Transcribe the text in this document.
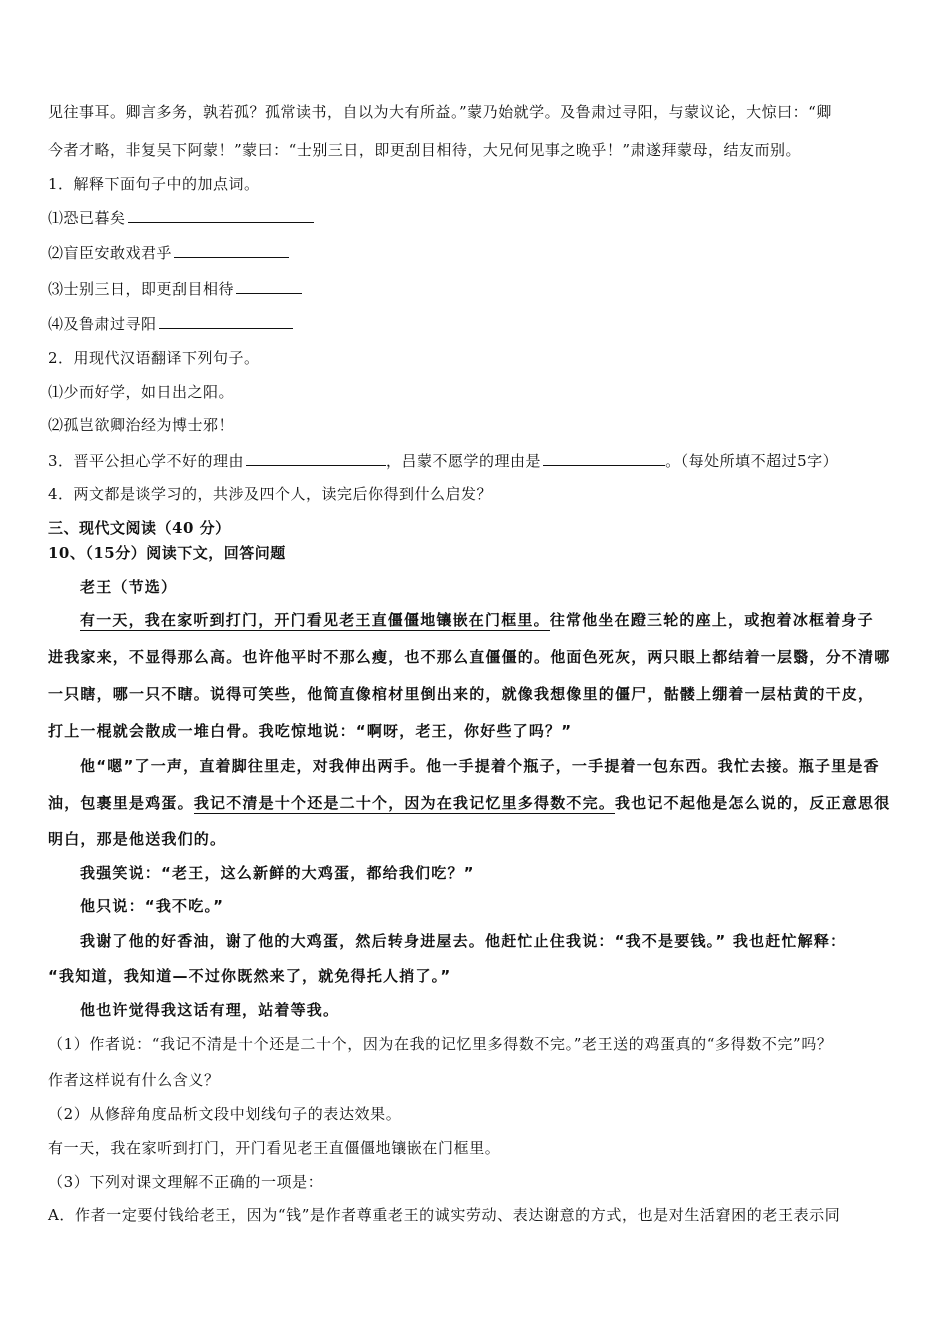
见往事耳。卿言多务，孰若孤？孤常读书，自以为大有所益。”蒙乃始就学。及鲁肃过寻阳，与蒙议论，大惊曰：“卿
今者才略，非复吴下阿蒙！”蒙曰：“士别三日，即更刮目相待，大兄何见事之晚乎！”肃遂拜蒙母，结友而别。
1．解释下面句子中的加点词。
⑴恐已暮矣
⑵盲臣安敢戏君乎
⑶士别三日，即更刮目相待
⑷及鲁肃过寻阳
2．用现代汉语翻译下列句子。
⑴少而好学，如日出之阳。
⑵孤岂欲卿治经为博士邪！
3．晋平公担心学不好的理由	，吕蒙不愿学的理由是	。（每处所填不超过5字）
4．两文都是谈学习的，共涉及四个人，读完后你得到什么启发？
三、现代文阅读（40 分）
10、（15分）阅读下文，回答问题
老王（节选）
有一天，我在家听到打门，开门看见老王直僵僵地镶嵌在门框里。往常他坐在蹬三轮的座上，或抱着冰框着身子
进我家来，不显得那么高。也许他平时不那么瘦，也不那么直僵僵的。他面色死灰，两只眼上都结着一层翳，分不清哪
一只瞎，哪一只不瞎。说得可笑些，他简直像棺材里倒出来的，就像我想像里的僵尸，骷髅上绷着一层枯黄的干皮，
打上一棍就会散成一堆白骨。我吃惊地说：“啊呀，老王，你好些了吗？”
他“嗯”了一声，直着脚往里走，对我伸出两手。他一手提着个瓶子，一手提着一包东西。我忙去接。瓶子里是香
油，包裹里是鸡蛋。我记不清是十个还是二十个，因为在我记忆里多得数不完。我也记不起他是怎么说的，反正意思很
明白，那是他送我们的。
我强笑说：“老王，这么新鲜的大鸡蛋，都给我们吃？”
他只说：“我不吃。”
我谢了他的好香油，谢了他的大鸡蛋，然后转身进屋去。他赶忙止住我说：“我不是要钱。” 我也赶忙解释：
“我知道，我知道—不过你既然来了，就免得托人捎了。”
他也许觉得我这话有理，站着等我。
（1）作者说：“我记不清是十个还是二十个，因为在我的记忆里多得数不完。”老王送的鸡蛋真的“多得数不完”吗？
作者这样说有什么含义？
（2）从修辞角度品析文段中划线句子的表达效果。
有一天，我在家听到打门，开门看见老王直僵僵地镶嵌在门框里。
（3）下列对课文理解不正确的一项是：
A．作者一定要付钱给老王，因为“钱”是作者尊重老王的诚实劳动、表达谢意的方式，也是对生活窘困的老王表示同
